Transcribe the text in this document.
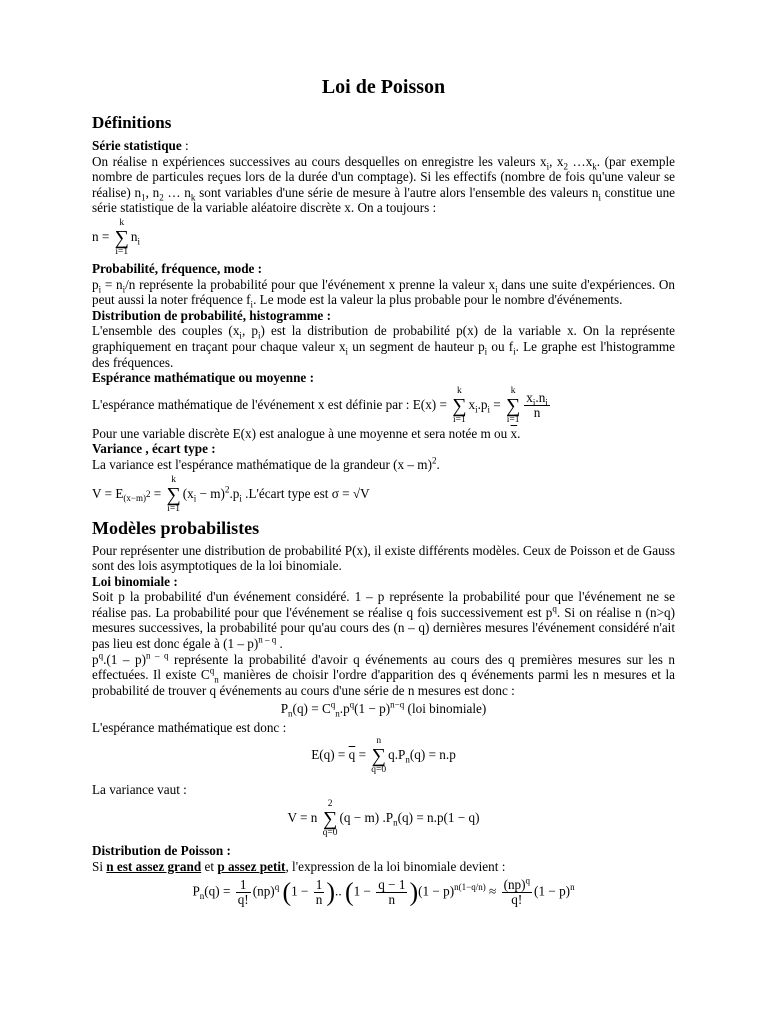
Loi de Poisson
Définitions

Série statistique :

On réalise n expériences successives au cours desquelles on enregistre les valeurs $x_i$, $x_2$ $\dots x_k$. (par exemple nombre de particules reçues lors de la durée d'un comptage). Si les effectifs (nombre de fois qu'une valeur se réalise) $n_1$, $n_2$ … $n_k$ sont variables d'une série de mesure à l'autre alors l'ensemble des valeurs $n_i$ constitue une série statistique de la variable aléatoire discrète x. On a toujours :

n = k
∑
$i=1n_i$

Probabilité, fréquence, mode :

$p_i = n_i/n$ représente la probabilité pour que l'événement x prenne la valeur $x_i$ dans une suite d'expériences. On peut aussi la noter fréquence $f_i$. Le mode est la valeur la plus probable pour le nombre d'événements.

Distribution de probabilité, histogramme :

L'ensemble des couples ($x_i$, $p_i$) est la distribution de probabilité p(x) de la variable x. On la représente graphiquement en traçant pour chaque valeur $x_i$ un segment de hauteur $p_i$ ou $f_i$. Le graphe est l'histogramme des fréquences.

Espérance mathématique ou moyenne :

L'espérance mathématique de l'événement x est définie par : E(x) = k
∑
$i=1x_i.p_i = k$
∑
$i=1 \frac{x_i.n_i}{n}$

Pour une variable discrète E(x) est analogue à une moyenne et sera notée m ou $\overline{x}$.

Variance , écart type :

La variance est l'espérance mathématique de la grandeur (x – m)$^2$.

$V = E_{(x-m)^2} = k$
∑
$i=1(x_i - m)^2.p_i$ .L'écart type est σ = √V
Modèles probabilistes

Pour représenter une distribution de probabilité P(x), il existe différents modèles. Ceux de Poisson et de Gauss sont des lois asymptotiques de la loi binomiale.

Loi binomiale :

Soit p la probabilité d'un événement considéré. 1 – p représente la probabilité pour que l'événement ne se réalise pas. La probabilité pour que l'événement se réalise q fois successivement est $p^q$. Si on réalise n (n>q) mesures successives, la probabilité pour qu'au cours des (n – q) dernières mesures l'événement considéré n'ait pas lieu est donc égale à (1 – p)$^{n - q}$ .
$p^q.(1 - p)^{n - q}$ représente la probabilité d'avoir q événements au cours des q premières mesures sur les n effectuées. Il existe $C^q_n$ manières de choisir l'ordre d'apparition des q événements parmi les n mesures et la probabilité de trouver q événements au cours d'une série de n mesures est donc :

$P_n(q) = C^q_n.p^q(1 - p)^{n-q}$ (loi binomiale)

L'espérance mathématique est donc :

$E(q) = \overline{q} = n$
∑
$q=0q.P_n(q) = n.p$

La variance vaut :

V = n 2
∑
q=0(q − m) $.P_n(q) = n.p(1 - q)$

Distribution de Poisson :

Si n est assez grand et p assez petit, l'expression de la loi binomiale devient :

$P_n(q) = \frac{1}{q!} (np)^q$ ($1 - \frac{1}{n}$ ).. $(1 - \frac{q - 1}{n} )(1 - p)^{n(1-q/n)} \approx \frac{(np)^q}{q!} (1 - p)^n$
